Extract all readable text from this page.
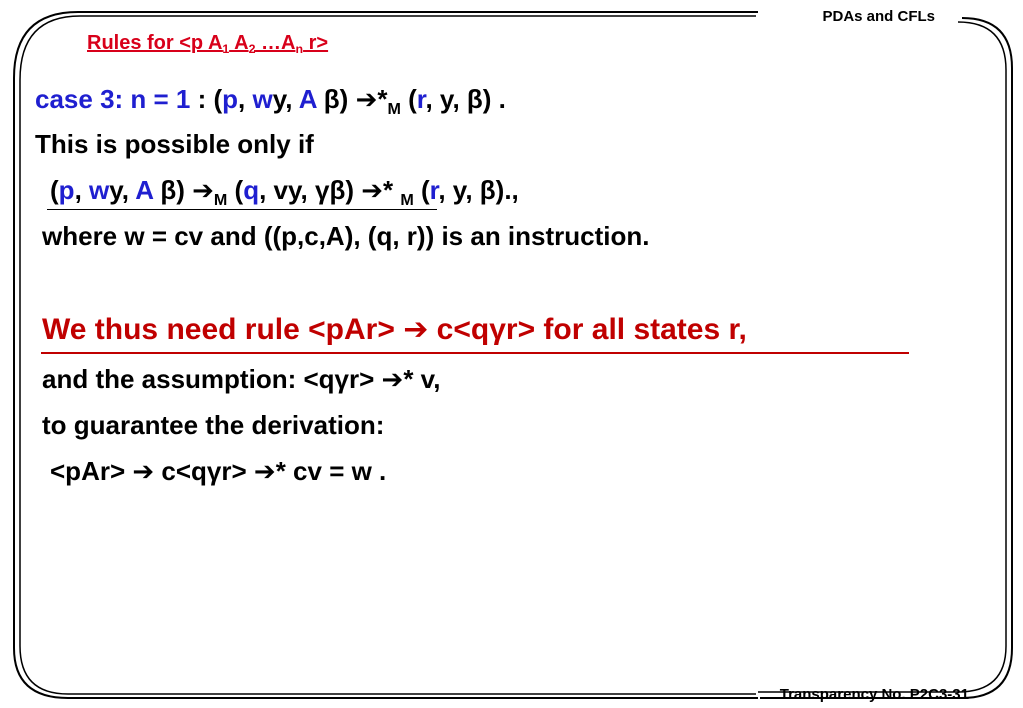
PDAs and CFLs
Transparency No. P2C3-31
Rules for <p $A_1$ $A_2$ $\dots A_n$ r>
case 3: n = 1 : (p, wy, A β) $➔*_M$ (r, y, β) .
This is possible only if
(p, wy, A β) $➔_M$ (q, vy, γβ) ➔* $_M$ (r, y, β).,
where w = cv and ((p,c,A), (q, r)) is an instruction.
We thus need rule <pAr> ➔ c<qγr> for all states r,
and the assumption: <qγr> ➔* v,
to guarantee the derivation:
<pAr> ➔ c<qγr> ➔* cv = w .
